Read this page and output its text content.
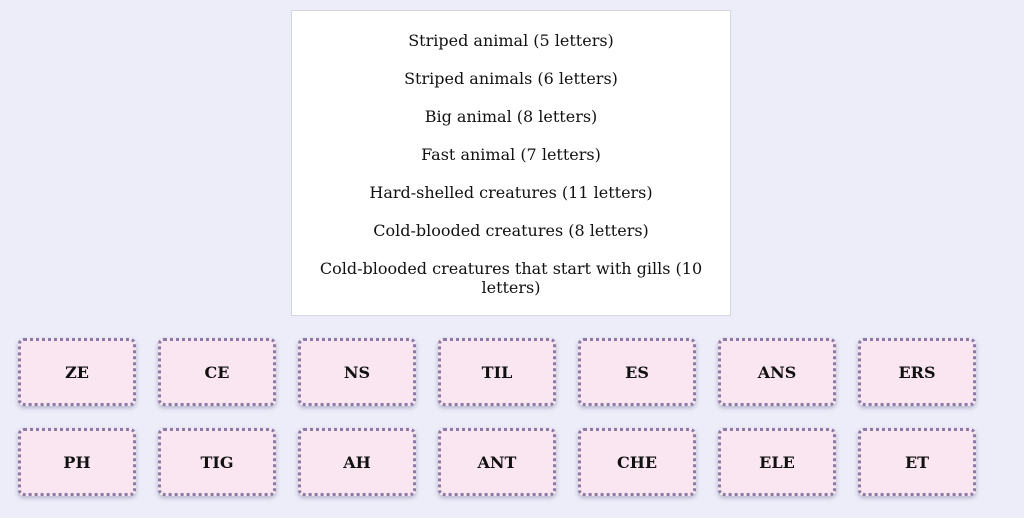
Striped animal (5 letters)
Striped animals (6 letters)
Big animal (8 letters)
Fast animal (7 letters)
Hard-shelled creatures (11 letters)
Cold-blooded creatures (8 letters)
Cold-blooded creatures that start with gills (10 letters)
ZE	CE	NS	TIL	ES	ANS	ERS
PH	TIG	AH	ANT	CHE	ELE	ET
